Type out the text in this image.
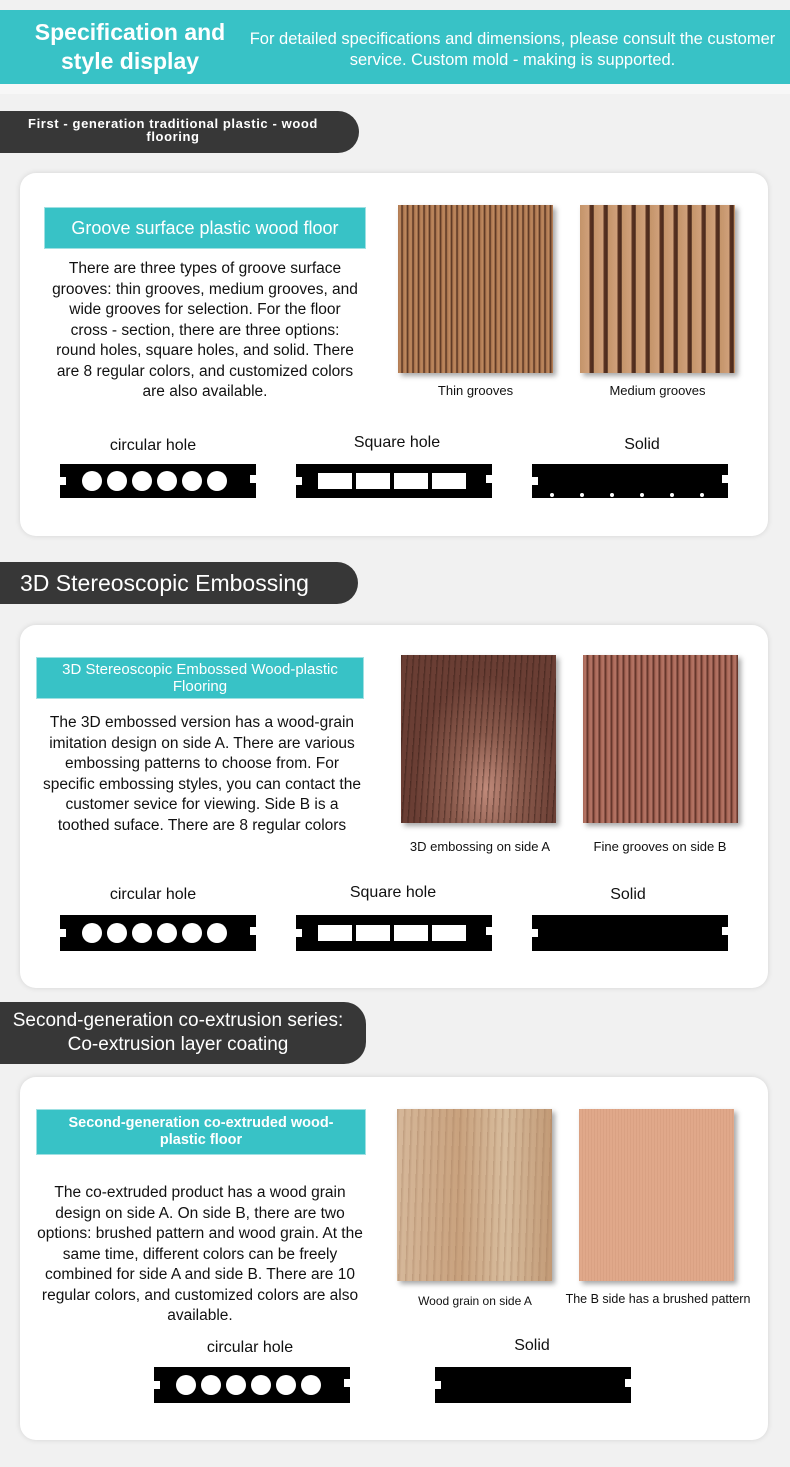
Specification and style display
For detailed specifications and dimensions, please consult the customer service. Custom mold - making is supported.
First - generation traditional plastic - wood flooring
Groove surface plastic wood floor
There are three types of groove surface grooves: thin grooves, medium grooves, and wide grooves for selection. For the floor cross - section, there are three options: round holes, square holes, and solid. There are 8 regular colors, and customized colors are also available.	Thin grooves	Medium grooves
circular hole	Square hole	Solid
3D Stereoscopic Embossing
3D Stereoscopic Embossed Wood-plastic Flooring
The 3D embossed version has a wood-grain imitation design on side A. There are various embossing patterns to choose from. For specific embossing styles, you can contact the customer sevice for viewing. Side B is a toothed suface. There are 8 regular colors
3D embossing on side A	Fine grooves on side B
circular hole	Square hole	Solid
Second-generation co-extrusion series: Co-extrusion layer coating
Second-generation co-extruded wood-plastic floor
The co-extruded product has a wood grain design on side A. On side B, there are two options: brushed pattern and wood grain. At the same time, different colors can be freely combined for side A and side B. There are 10 regular colors, and customized colors are also available.
Wood grain on side A	The B side has a brushed pattern
circular hole	Solid
